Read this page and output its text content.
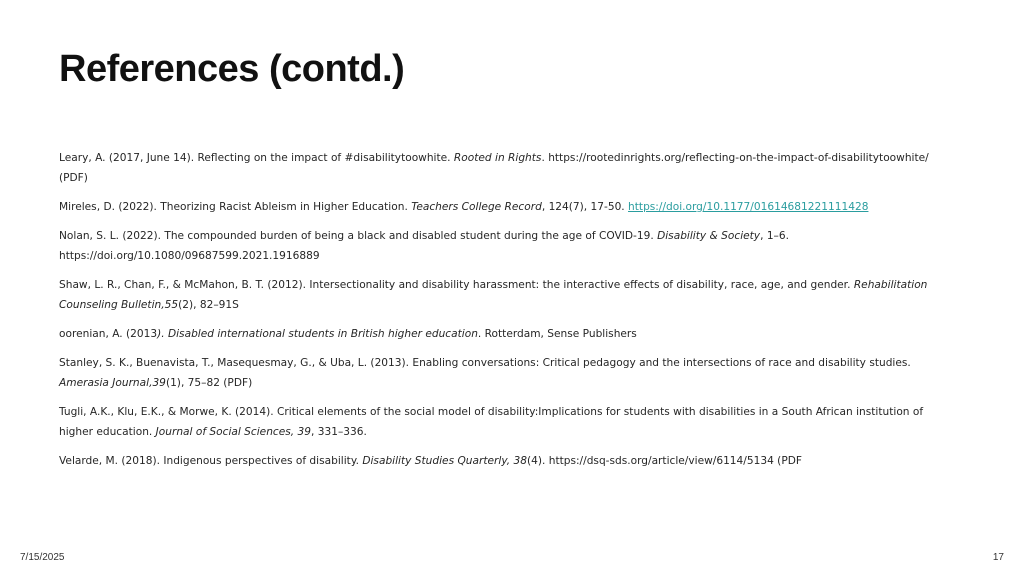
References (contd.)

Leary, A. (2017, June 14). Reflecting on the impact of #disabilitytoowhite. Rooted in Rights. https://rootedinrights.org/reflecting-on-the-impact-of-disabilitytoowhite/ (PDF)

Mireles, D. (2022). Theorizing Racist Ableism in Higher Education. Teachers College Record, 124(7), 17-50. https://doi.org/10.1177/01614681221111428

Nolan, S. L. (2022). The compounded burden of being a black and disabled student during the age of COVID-19. Disability & Society, 1–6. https://doi.org/10.1080/09687599.2021.1916889

Shaw, L. R., Chan, F., & McMahon, B. T. (2012). Intersectionality and disability harassment: the interactive effects of disability, race, age, and gender. Rehabilitation Counseling Bulletin,55(2), 82–91S

oorenian, A. (2013). Disabled international students in British higher education. Rotterdam, Sense Publishers

Stanley, S. K., Buenavista, T., Masequesmay, G., & Uba, L. (2013). Enabling conversations: Critical pedagogy and the intersections of race and disability studies. Amerasia Journal,39(1), 75–82 (PDF)

Tugli, A.K., Klu, E.K., & Morwe, K. (2014). Critical elements of the social model of disability:Implications for students with disabilities in a South African institution of higher education. Journal of Social Sciences, 39, 331–336.

Velarde, M. (2018). Indigenous perspectives of disability. Disability Studies Quarterly, 38(4). https://dsq-sds.org/article/view/6114/5134 (PDF

7/15/2025	17
